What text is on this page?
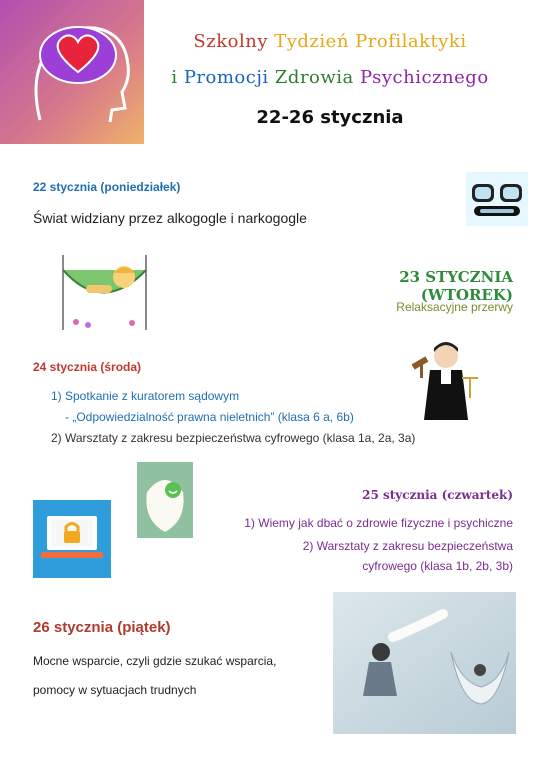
Szkolny Tydzień Profilaktyki
i Promocji Zdrowia Psychicznego
22-26 stycznia
22 stycznia (poniedziałek)
Świat widziany przez alkogogle i narkogogle
23 STYCZNIA (WTOREK)
Relaksacyjne przerwy
24 stycznia (środa)
1) Spotkanie z kuratorem sądowym
- „Odpowiedzialność prawna nieletnich” (klasa 6 a, 6b)
2) Warsztaty z zakresu bezpieczeństwa cyfrowego (klasa 1a, 2a, 3a)
25 stycznia (czwartek)
1) Wiemy jak dbać o zdrowie fizyczne i psychiczne
2) Warsztaty z zakresu bezpieczeństwa
cyfrowego (klasa 1b, 2b, 3b)
26 stycznia (piątek)
Mocne wsparcie, czyli gdzie szukać wsparcia,
pomocy w sytuacjach trudnych
